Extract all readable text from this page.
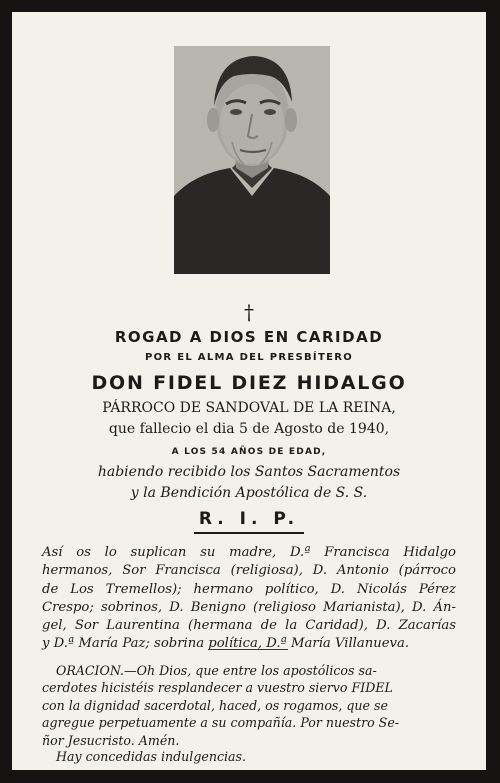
†
ROGAD A DIOS EN CARIDAD
POR EL ALMA DEL PRESBÍTERO
DON FIDEL DIEZ HIDALGO
PÁRROCO DE SANDOVAL DE LA REINA,
que fallecio el dia 5 de Agosto de 1940,
A LOS 54 AÑOS DE EDAD,
habiendo recibido los Santos Sacramentos
y la Bendición Apostólica de S. S.
R. I. P.

Así os lo suplican su madre, D.ª Francisca Hidalgo

hermanos, Sor Francisca (religiosa), D. Antonio (párroco

de Los Tremellos); hermano político, D. Nicolás Pérez

Crespo; sobrinos, D. Benigno (religioso Marianista), D. Án-

gel, Sor Laurentina (hermana de la Caridad), D. Zacarías

y D.ª María Paz; sobrina política, D.ª María Villanueva.

ORACION.—Oh Dios, que entre los apostólicos sa-

cerdotes hicistéis resplandecer a vuestro siervo FIDEL

con la dignidad sacerdotal, haced, os rogamos, que se

agregue perpetuamente a su compañía. Por nuestro Se-

ñor Jesucristo. Amén.

Hay concedidas indulgencias.
